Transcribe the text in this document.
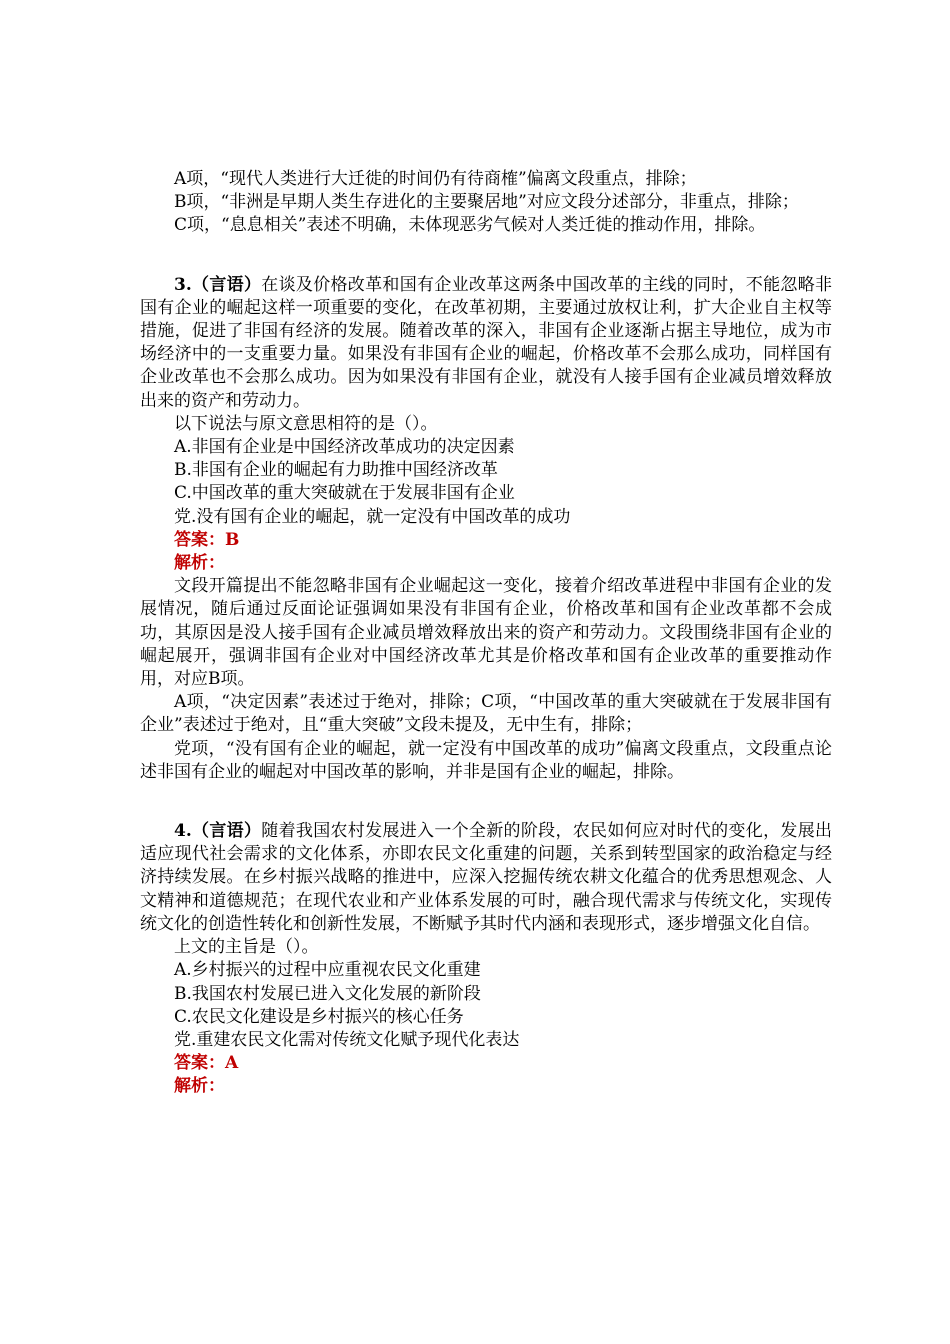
A项，“现代人类进行大迁徙的时间仍有待商榷”偏离文段重点，排除；

B项，“非洲是早期人类生存进化的主要聚居地”对应文段分述部分，非重点，排除；

C项，“息息相关”表述不明确，未体现恶劣气候对人类迁徙的推动作用，排除。

3.（言语）在谈及价格改革和国有企业改革这两条中国改革的主线的同时，不能忽略非国有企业的崛起这样一项重要的变化，在改革初期，主要通过放权让利，扩大企业自主权等措施，促进了非国有经济的发展。随着改革的深入，非国有企业逐渐占据主导地位，成为市场经济中的一支重要力量。如果没有非国有企业的崛起，价格改革不会那么成功，同样国有企业改革也不会那么成功。因为如果没有非国有企业，就没有人接手国有企业减员增效释放出来的资产和劳动力。

以下说法与原文意思相符的是（）。

A.非国有企业是中国经济改革成功的决定因素

B.非国有企业的崛起有力助推中国经济改革

C.中国改革的重大突破就在于发展非国有企业

党.没有国有企业的崛起，就一定没有中国改革的成功

答案：B

解析：

文段开篇提出不能忽略非国有企业崛起这一变化，接着介绍改革进程中非国有企业的发展情况，随后通过反面论证强调如果没有非国有企业，价格改革和国有企业改革都不会成功，其原因是没人接手国有企业减员增效释放出来的资产和劳动力。文段围绕非国有企业的崛起展开，强调非国有企业对中国经济改革尤其是价格改革和国有企业改革的重要推动作用，对应B项。

A项，“决定因素”表述过于绝对，排除；C项，“中国改革的重大突破就在于发展非国有企业”表述过于绝对，且“重大突破”文段未提及，无中生有，排除；

党项，“没有国有企业的崛起，就一定没有中国改革的成功”偏离文段重点，文段重点论述非国有企业的崛起对中国改革的影响，并非是国有企业的崛起，排除。

4.（言语）随着我国农村发展进入一个全新的阶段，农民如何应对时代的变化，发展出适应现代社会需求的文化体系，亦即农民文化重建的问题，关系到转型国家的政治稳定与经济持续发展。在乡村振兴战略的推进中，应深入挖掘传统农耕文化蕴合的优秀思想观念、人文精神和道德规范；在现代农业和产业体系发展的可时，融合现代需求与传统文化，实现传统文化的创造性转化和创新性发展，不断赋予其时代内涵和表现形式，逐步增强文化自信。

上文的主旨是（）。

A.乡村振兴的过程中应重视农民文化重建

B.我国农村发展已进入文化发展的新阶段

C.农民文化建设是乡村振兴的核心任务

党.重建农民文化需对传统文化赋予现代化表达

答案：A

解析：
